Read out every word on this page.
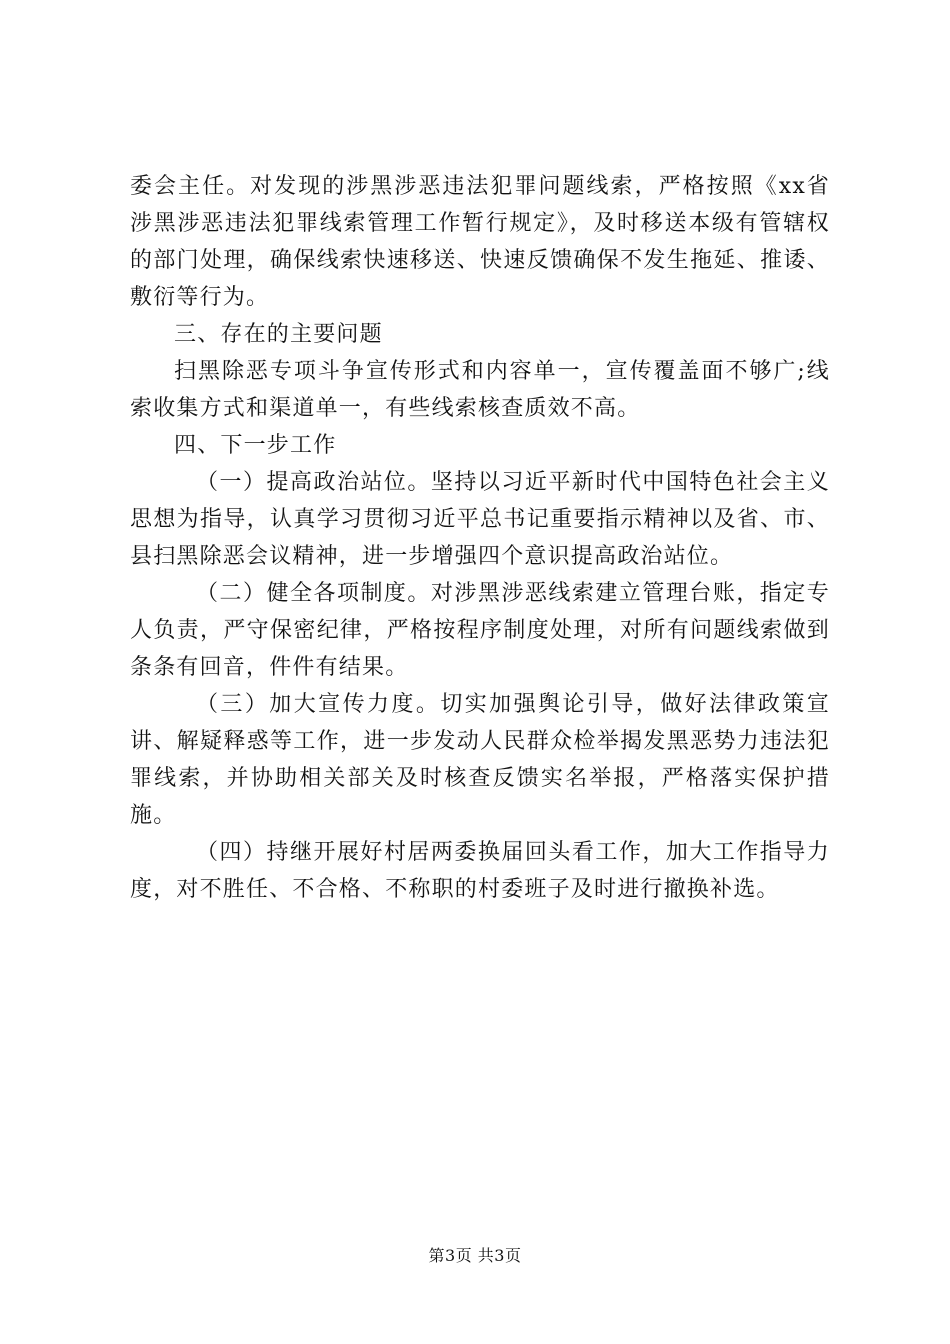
委会主任。对发现的涉黑涉恶违法犯罪问题线索，严格按照《xx省涉黑涉恶违法犯罪线索管理工作暂行规定》，及时移送本级有管辖权的部门处理，确保线索快速移送、快速反馈确保不发生拖延、推诿、敷衍等行为。

三、存在的主要问题

扫黑除恶专项斗争宣传形式和内容单一，宣传覆盖面不够广;线索收集方式和渠道单一，有些线索核查质效不高。

四、下一步工作

（一）提高政治站位。坚持以习近平新时代中国特色社会主义思想为指导，认真学习贯彻习近平总书记重要指示精神以及省、市、县扫黑除恶会议精神，进一步增强四个意识提高政治站位。

（二）健全各项制度。对涉黑涉恶线索建立管理台账，指定专人负责，严守保密纪律，严格按程序制度处理，对所有问题线索做到条条有回音，件件有结果。

（三）加大宣传力度。切实加强舆论引导，做好法律政策宣讲、解疑释惑等工作，进一步发动人民群众检举揭发黑恶势力违法犯罪线索，并协助相关部关及时核查反馈实名举报，严格落实保护措施。

（四）持继开展好村居两委换届回头看工作，加大工作指导力度，对不胜任、不合格、不称职的村委班子及时进行撤换补选。

第3页 共3页
